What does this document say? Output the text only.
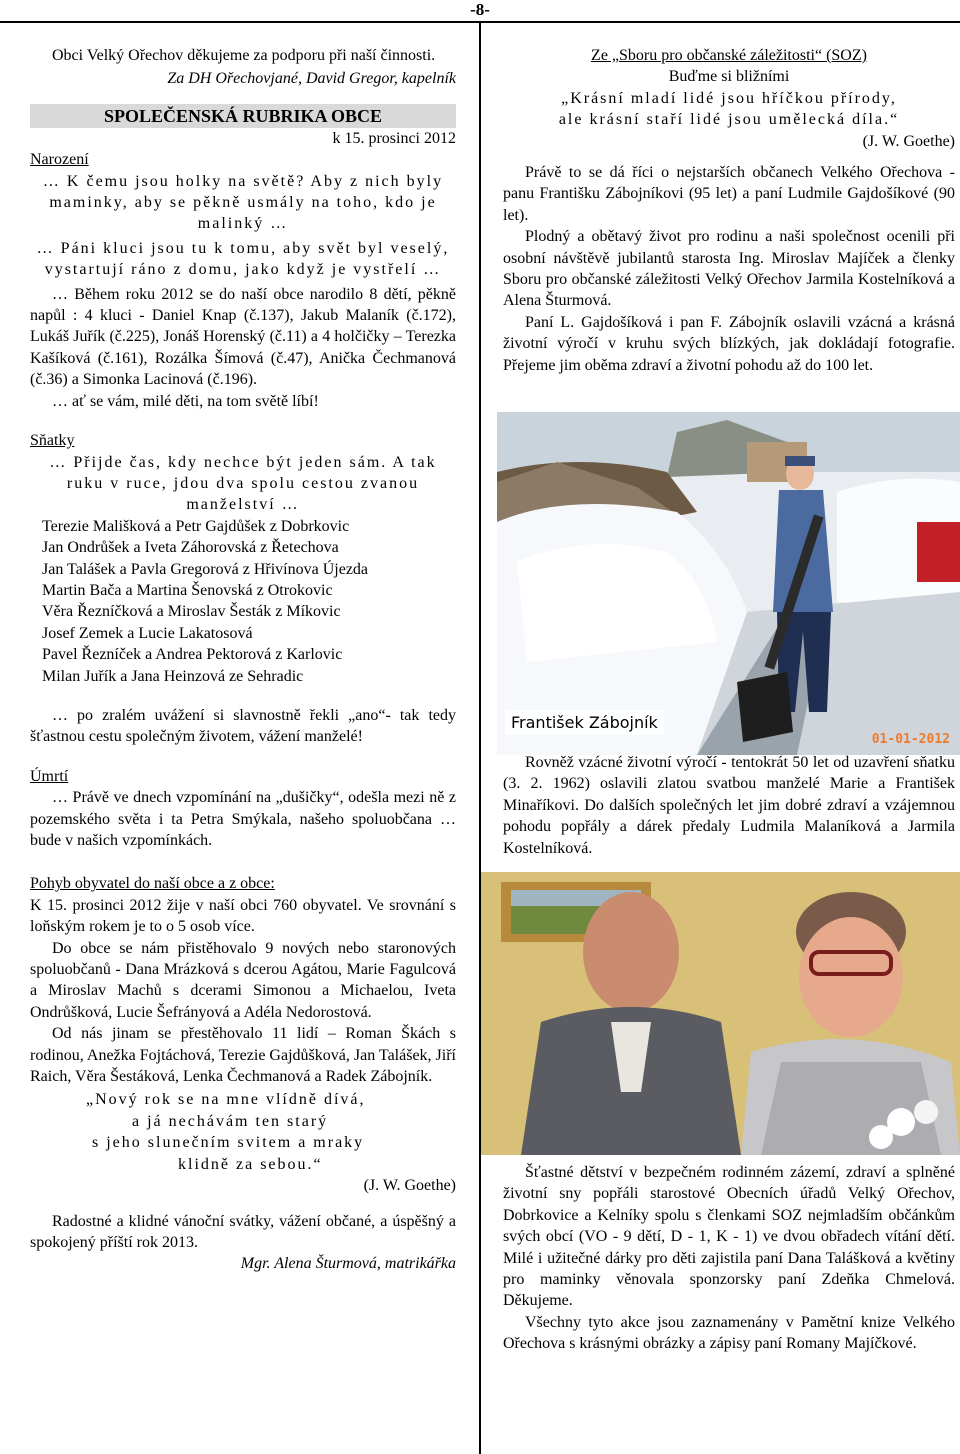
-8-

Obci Velký Ořechov děkujeme za podporu při naší činnosti.

Za DH Ořechovjané, David Gregor, kapelník

SPOLEČENSKÁ RUBRIKA OBCE

k 15. prosinci 2012

Narození

… K čemu jsou holky na světě? Aby z nich byly maminky, aby se pěkně usmály na toho, kdo je malinký …

… Páni kluci jsou tu k tomu, aby svět byl veselý, vystartují ráno z domu, jako když je vystřelí …

… Během roku 2012 se do naší obce narodilo 8 dětí, pěkně napůl : 4 kluci - Daniel Knap (č.137), Jakub Malaník (č.172), Lukáš Juřík (č.225), Jonáš Horenský (č.11) a 4 holčičky – Terezka Kašíková (č.161), Rozálka Šímová (č.47), Anička Čechmanová (č.36) a Simonka Lacinová (č.196).

… ať se vám, milé děti, na tom světě líbí!

Sňatky

… Přijde čas, kdy nechce být jeden sám. A tak ruku v ruce, jdou dva spolu cestou zvanou manželství …

Terezie Mališková a Petr Gajdůšek z Dobrkovic

Jan Ondrůšek a Iveta Záhorovská z Řetechova

Jan Talášek a Pavla Gregorová z Hřivínova Újezda

Martin Bača a Martina Šenovská z Otrokovic

Věra Řezníčková a Miroslav Šesták z Míkovic

Josef Zemek a Lucie Lakatosová

Pavel Řezníček a Andrea Pektorová z Karlovic

Milan Juřík a Jana Heinzová ze Sehradic

… po zralém uvážení si slavnostně řekli „ano“- tak tedy šťastnou cestu společným životem, vážení manželé!

Úmrtí

… Právě ve dnech vzpomínání na „dušičky“, odešla mezi ně z pozemského světa i ta Petra Smýkala, našeho spoluobčana … bude v našich vzpomínkách.

Pohyb obyvatel do naší obce a z obce:

K 15. prosinci 2012 žije v naší obci 760 obyvatel. Ve srovnání s loňským rokem je to o 5 osob více.

Do obce se nám přistěhovalo 9 nových nebo staronových spoluobčanů - Dana Mrázková s dcerou Agátou, Marie Fagulcová a Miroslav Machů s dcerami Simonou a Michaelou, Iveta Ondrůšková, Lucie Šefrányová a Adéla Nedorostová.

Od nás jinam se přestěhovalo 11 lidí – Roman Škách s rodinou, Anežka Fojtáchová, Terezie Gajdůšková, Jan Talášek, Jiří Raich, Věra Šestáková, Lenka Čechmanová a Radek Zábojník.

„Nový rok se na mne vlídně dívá,

a já nechávám ten starý

s jeho slunečním svitem a mraky

klidně za sebou.“

(J. W. Goethe)

Radostné a klidné vánoční svátky, vážení občané, a úspěšný a spokojený příští rok 2013.

Mgr. Alena Šturmová, matrikářka

Ze „Sboru pro občanské záležitosti“ (SOZ)

Buďme si bližními

„Krásní mladí lidé jsou hříčkou přírody,

ale krásní staří lidé jsou umělecká díla.“

(J. W. Goethe)

Právě to se dá říci o nejstarších občanech Velkého Ořechova - panu Františku Zábojníkovi (95 let) a paní Ludmile Gajdošíkové (90 let).

Plodný a obětavý život pro rodinu a naši společnost ocenili při osobní návštěvě jubilantů starosta Ing. Miroslav Majíček a členky Sboru pro občanské záležitosti Velký Ořechov Jarmila Kostelníková a Alena Šturmová.

Paní L. Gajdošíková i pan F. Zábojník oslavili vzácná a krásná životní výročí v kruhu svých blízkých, jak dokládají fotografie. Přejeme jim oběma zdraví a životní pohodu až do 100 let.

František Zábojník
01-01-2012

Rovněž vzácné životní výročí - tentokrát 50 let od uzavření sňatku (3. 2. 1962) oslavili zlatou svatbou manželé Marie a František Minaříkovi. Do dalších společných let jim dobré zdraví a vzájemnou pohodu popřály a dárek předaly Ludmila Malaníková a Jarmila Kostelníková.

Šťastné dětství v bezpečném rodinném zázemí, zdraví a splněné životní sny popřáli starostové Obecních úřadů Velký Ořechov, Dobrkovice a Kelníky spolu s členkami SOZ nejmladším občánkům svých obcí (VO - 9 dětí, D - 1, K - 1) ve dvou obřadech vítání dětí. Milé i užitečné dárky pro děti zajistila paní Dana Talášková a květiny pro maminky věnovala sponzorsky paní Zdeňka Chmelová. Děkujeme.

Všechny tyto akce jsou zaznamenány v Pamětní knize Velkého Ořechova s krásnými obrázky a zápisy paní Romany Majíčkové.
